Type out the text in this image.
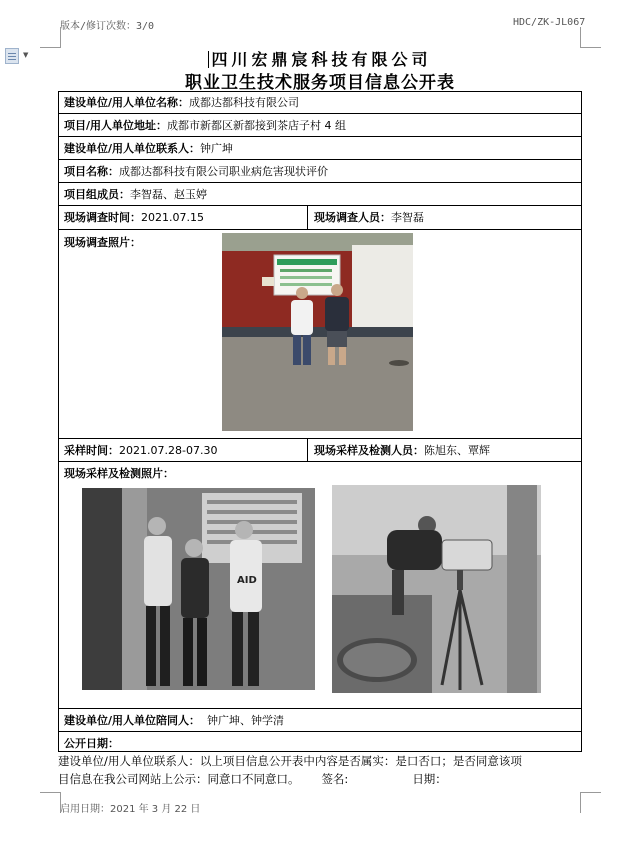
版本/修订次数：3/0	HDC/ZK-JL067
▼	四川宏鼎宸科技有限公司
职业卫生技术服务项目信息公开表
建设单位/用人单位名称：成都达都科技有限公司
项目/用人单位地址：成都市新都区新都接到茶店子村 4 组
建设单位/用人单位联系人：钟广坤
项目名称：成都达都科技有限公司职业病危害现状评价
项目组成员：李智磊、赵玉婷
现场调查时间：2021.07.15	现场调查人员：李智磊
现场调查照片：
采样时间：2021.07.28-07.30	现场采样及检测人员：陈旭东、覃辉
现场采样及检测照片：
建设单位/用人单位陪同人： 钟广坤、钟学清
公开日期：
AID
建设单位/用人单位联系人：以上项目信息公开表中内容是否属实：是口否口；是否同意该项
目信息在我公司网站上公示：同意口不同意口。 签名:	日期：
启用日期：2021 年 3 月 22 日
